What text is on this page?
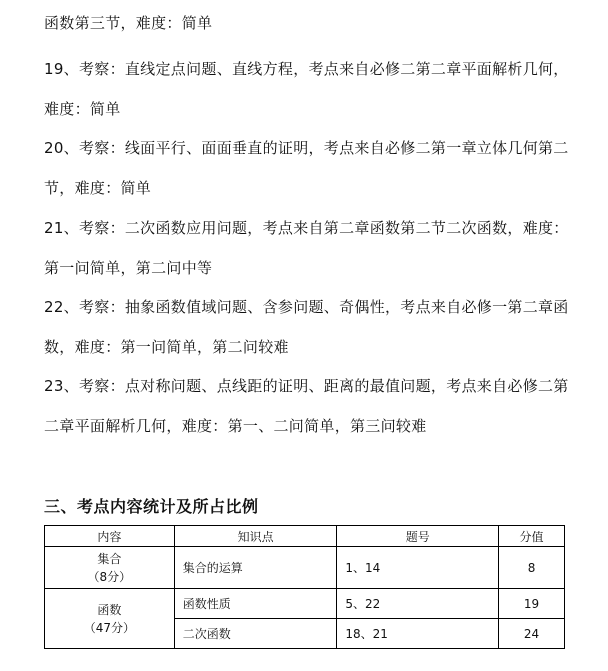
函数第三节，难度：简单

19、考察：直线定点问题、直线方程，考点来自必修二第二章平面解析几何，难度：简单

20、考察：线面平行、面面垂直的证明，考点来自必修二第一章立体几何第二节，难度：简单

21、考察：二次函数应用问题，考点来自第二章函数第二节二次函数，难度：第一问简单，第二问中等

22、考察：抽象函数值域问题、含参问题、奇偶性，考点来自必修一第二章函数，难度：第一问简单，第二问较难

23、考察：点对称问题、点线距的证明、距离的最值问题，考点来自必修二第二章平面解析几何，难度：第一、二问简单，第三问较难

三、考点内容统计及所占比例
内容	知识点	题号	分值

集合
（8分）	集合的运算	1、14	8

函数
（47分）	函数性质	5、22	19
	二次函数	18、21	24
